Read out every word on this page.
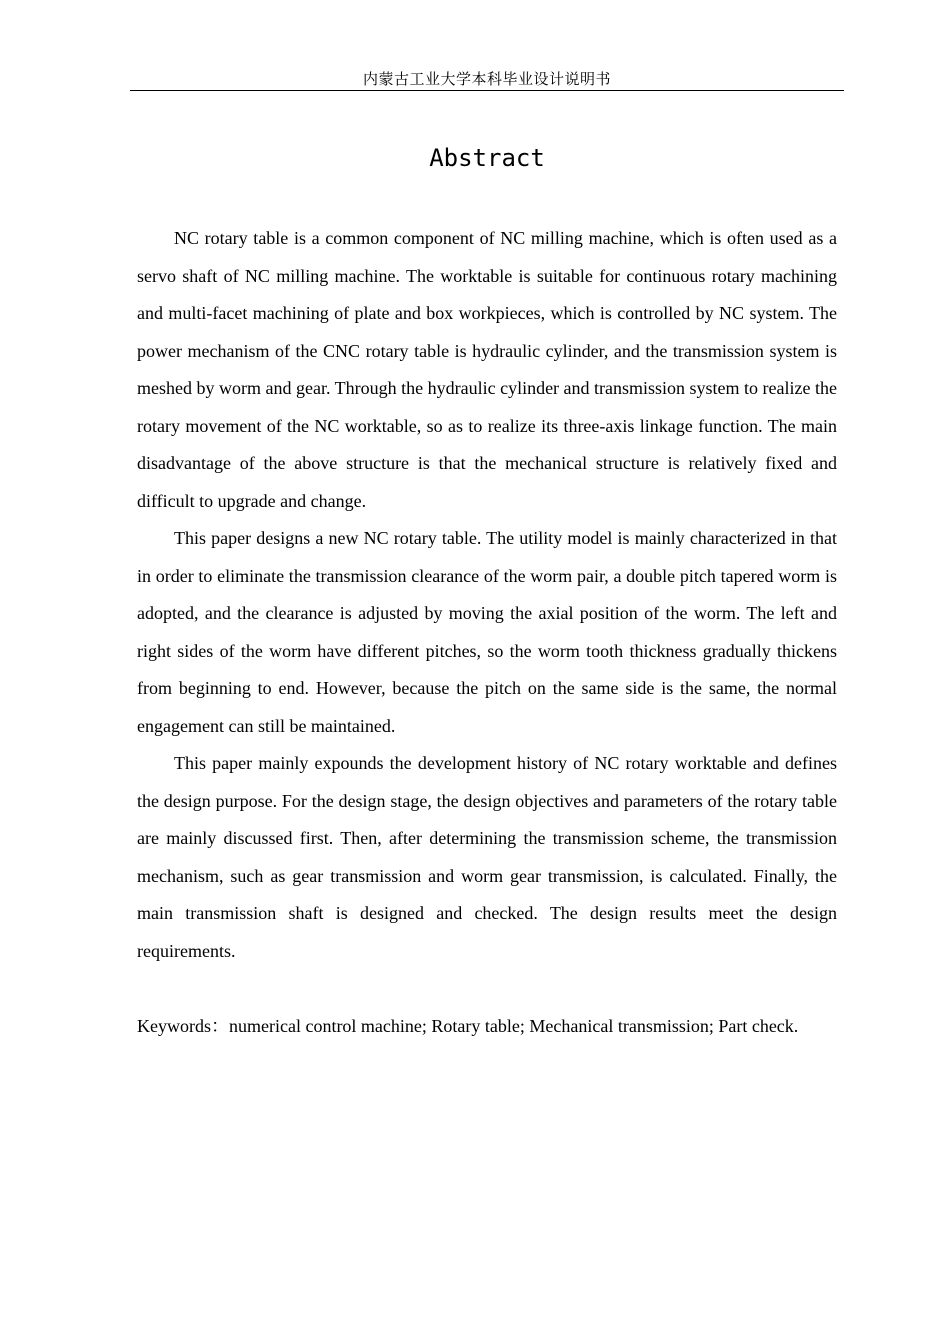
内蒙古工业大学本科毕业设计说明书
Abstract

NC rotary table is a common component of NC milling machine, which is often used as a servo shaft of NC milling machine. The worktable is suitable for continuous rotary machining and multi-facet machining of plate and box workpieces, which is controlled by NC system. The power mechanism of the CNC rotary table is hydraulic cylinder, and the transmission system is meshed by worm and gear. Through the hydraulic cylinder and transmission system to realize the rotary movement of the NC worktable, so as to realize its three-axis linkage function. The main disadvantage of the above structure is that the mechanical structure is relatively fixed and difficult to upgrade and change.

This paper designs a new NC rotary table. The utility model is mainly characterized in that in order to eliminate the transmission clearance of the worm pair, a double pitch tapered worm is adopted, and the clearance is adjusted by moving the axial position of the worm. The left and right sides of the worm have different pitches, so the worm tooth thickness gradually thickens from beginning to end. However, because the pitch on the same side is the same, the normal engagement can still be maintained.

This paper mainly expounds the development history of NC rotary worktable and defines the design purpose. For the design stage, the design objectives and parameters of the rotary table are mainly discussed first. Then, after determining the transmission scheme, the transmission mechanism, such as gear transmission and worm gear transmission, is calculated. Finally, the main transmission shaft is designed and checked. The design results meet the design requirements.

Keywords：numerical control machine; Rotary table; Mechanical transmission; Part check.
